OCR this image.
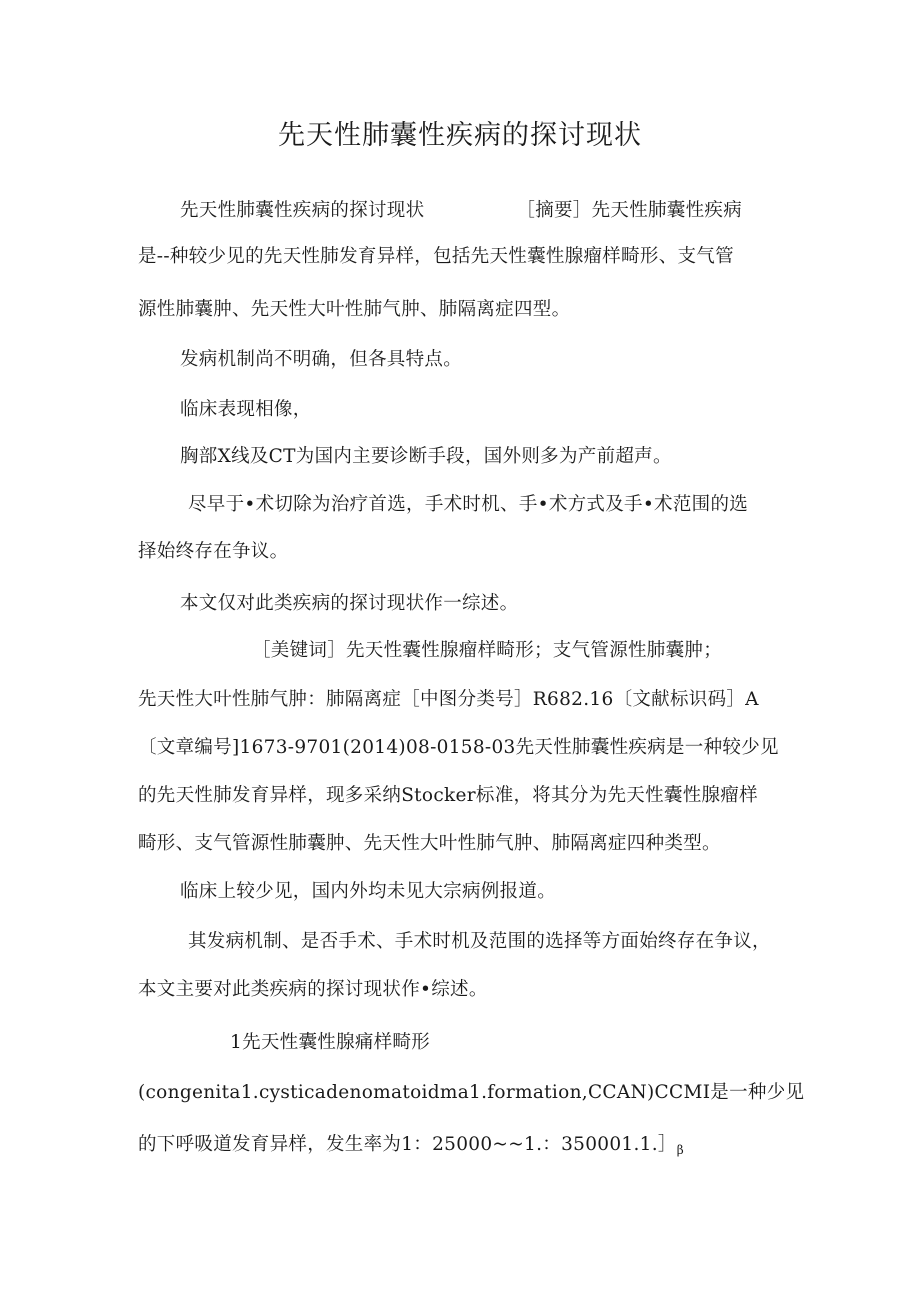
先天性肺囊性疾病的探讨现状
先天性肺囊性疾病的探讨现状	［摘要］先天性肺囊性疾病
是--种较少见的先天性肺发育异样，包括先天性囊性腺瘤样畸形、支气管
源性肺囊肿、先天性大叶性肺气肿、肺隔离症四型。
发病机制尚不明确，但各具特点。
临床表现相像，
胸部X线及CT为国内主要诊断手段，国外则多为产前超声。
尽早于•术切除为治疗首选，手术时机、手•术方式及手•术范围的选
择始终存在争议。
本文仅对此类疾病的探讨现状作一综述。
［美键词］先天性囊性腺瘤样畸形；支气管源性肺囊肿；
先天性大叶性肺气肿：肺隔离症［中图分类号］R682.16〔文献标识码］A
〔文章编号]1673-9701(2014)08-0158-03先天性肺囊性疾病是一种较少见
的先天性肺发育异样，现多采纳Stocker标准，将其分为先天性囊性腺瘤样
畸形、支气管源性肺囊肿、先天性大叶性肺气肿、肺隔离症四种类型。
临床上较少见，国内外均未见大宗病例报道。
其发病机制、是否手术、手术时机及范围的选择等方面始终存在争议，
本文主要对此类疾病的探讨现状作•综述。
1先天性囊性腺痛样畸形
(congenita1.cysticadenomatoidma1.formation,CCAN)CCMI是一种少见
的下呼吸道发育异样，发生率为1：25000~~1.：$350001.1.]_\beta$
